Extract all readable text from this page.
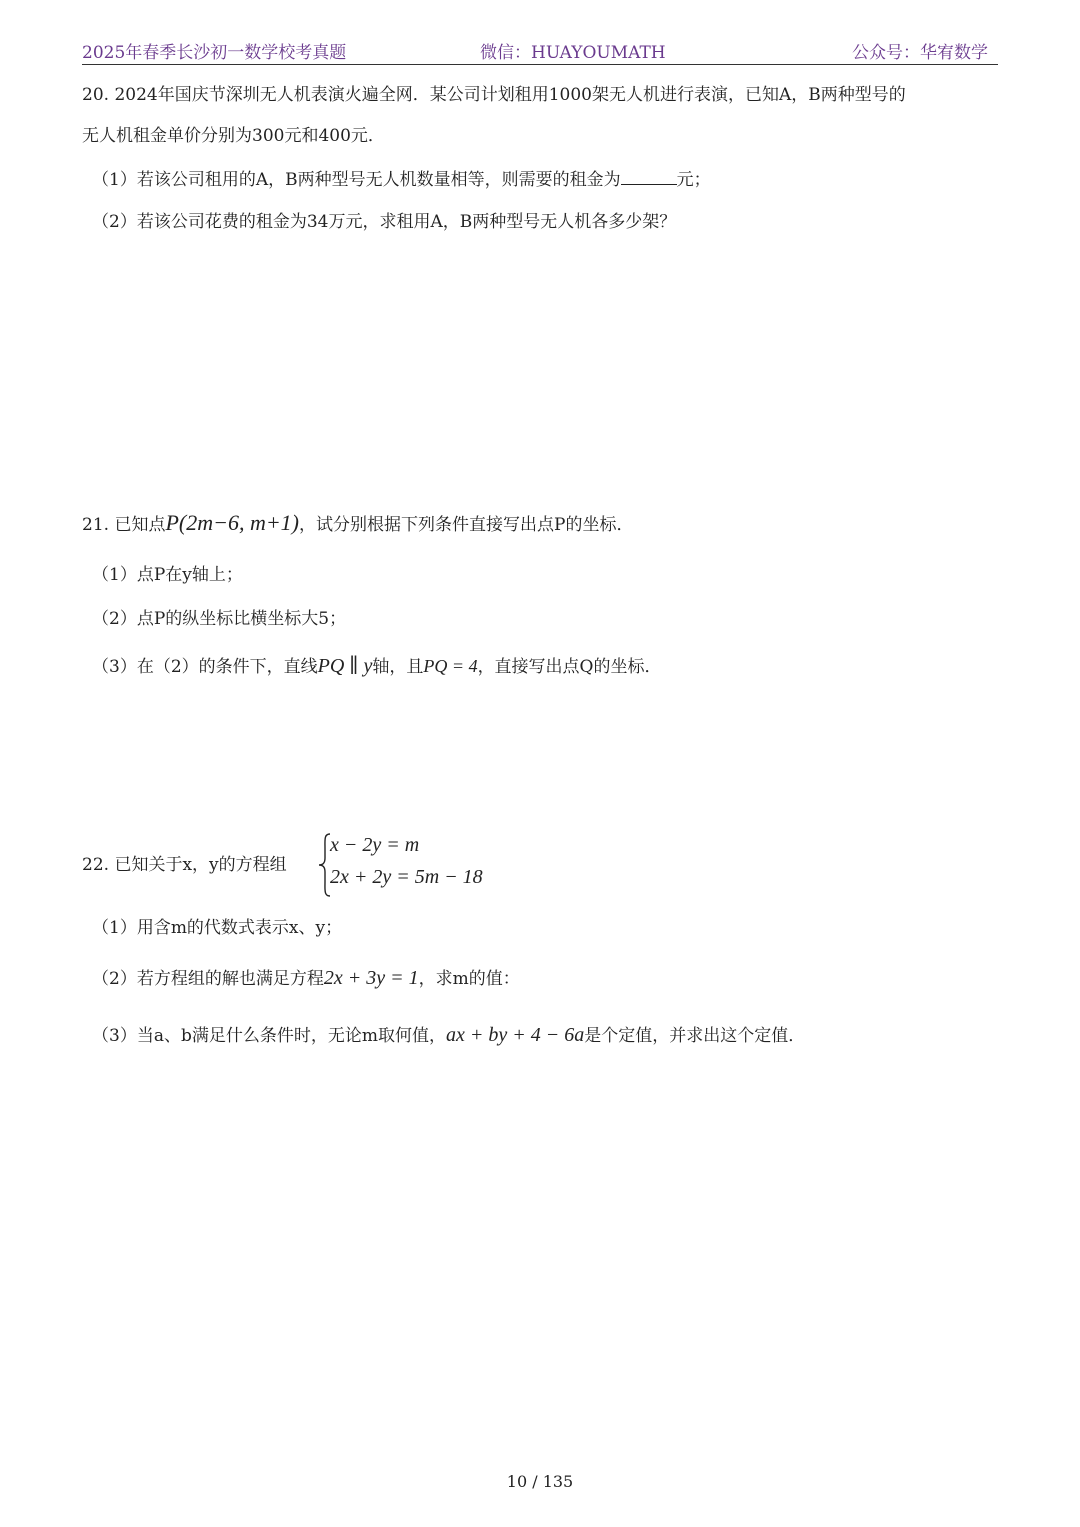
2025年春季长沙初一数学校考真题	微信：HUAYOUMATH	公众号：华宥数学
20. 2024年国庆节深圳无人机表演火遍全网．某公司计划租用1000架无人机进行表演，已知A，B两种型号的
无人机租金单价分别为300元和400元．
（1）若该公司租用的A，B两种型号无人机数量相等，则需要的租金为	元；
（2）若该公司花费的租金为34万元，求租用A，B两种型号无人机各多少架？
21. 已知点P(2m−6, m+1)，试分别根据下列条件直接写出点P的坐标．
（1）点P在y轴上；
（2）点P的纵坐标比横坐标大5；
（3）在（2）的条件下，直线PQ ∥ y轴，且PQ = 4，直接写出点Q的坐标．
22. 已知关于x，y的方程组
x − 2y = m
2x + 2y = 5m − 18
（1）用含m的代数式表示x、y；
（2）若方程组的解也满足方程2x + 3y = 1，求m的值：
（3）当a、b满足什么条件时，无论m取何值，ax + by + 4 − 6a是个定值，并求出这个定值．
10 / 135
